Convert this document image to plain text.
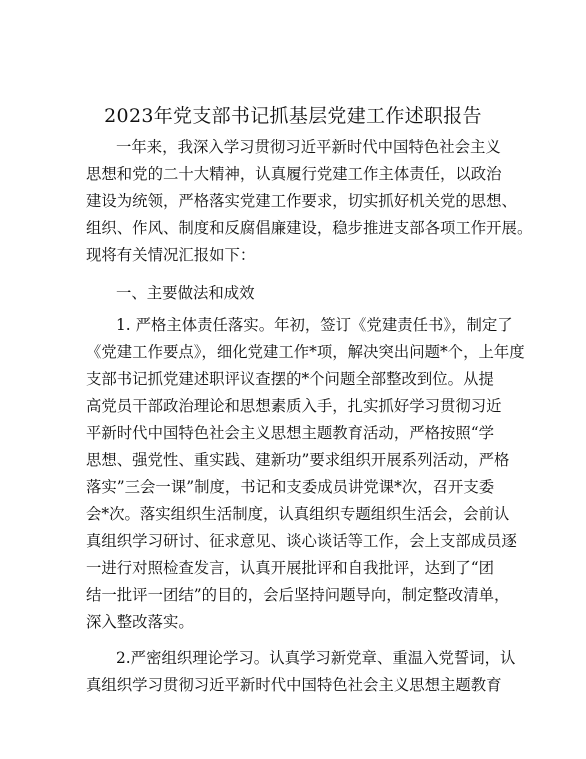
2023年党支部书记抓基层党建工作述职报告

一年来，我深入学习贯彻习近平新时代中国特色社会主义

思想和党的二十大精神，认真履行党建工作主体责任，以政治

建设为统领，严格落实党建工作要求，切实抓好机关党的思想、

组织、作风、制度和反腐倡廉建设，稳步推进支部各项工作开展。

现将有关情况汇报如下：

一、主要做法和成效

1. 严格主体责任落实。年初，签订《党建责任书》，制定了

《党建工作要点》，细化党建工作*项，解决突出问题*个，上年度

支部书记抓党建述职评议查摆的*个问题全部整改到位。从提

高党员干部政治理论和思想素质入手，扎实抓好学习贯彻习近

平新时代中国特色社会主义思想主题教育活动，严格按照“学

思想、强党性、重实践、建新功”要求组织开展系列活动，严格

落实”三会一课”制度，书记和支委成员讲党课*次，召开支委

会*次。落实组织生活制度，认真组织专题组织生活会，会前认

真组织学习研讨、征求意见、谈心谈话等工作，会上支部成员逐

一进行对照检查发言，认真开展批评和自我批评，达到了“团

结一批评一团结”的目的，会后坚持问题导向，制定整改清单，

深入整改落实。

2.严密组织理论学习。认真学习新党章、重温入党誓词，认

真组织学习贯彻习近平新时代中国特色社会主义思想主题教育
